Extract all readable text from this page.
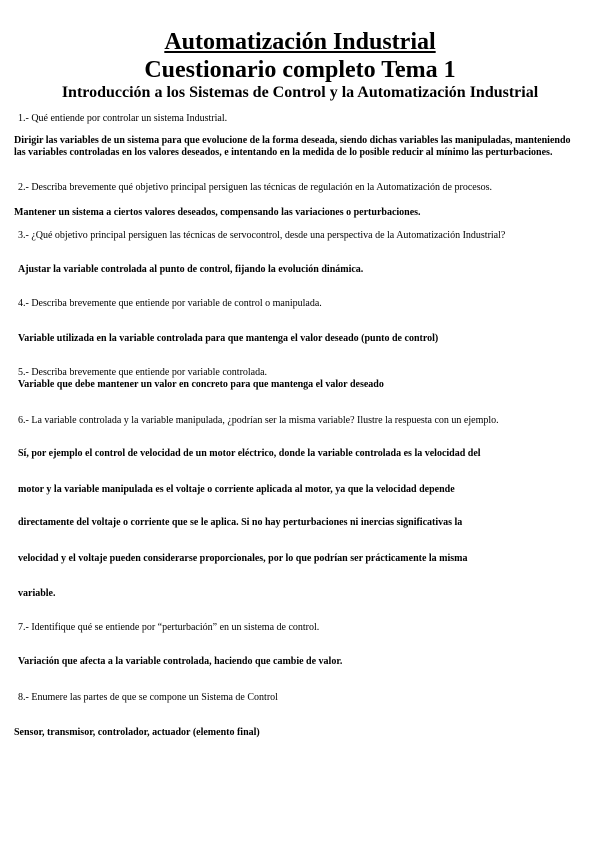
Automatización Industrial
Cuestionario completo Tema 1
Introducción a los Sistemas de Control y la Automatización Industrial
1.- Qué entiende por controlar un sistema Industrial.
Dirigir las variables de un sistema para que evolucione de la forma deseada, siendo dichas variables las manipuladas, manteniendo
las variables controladas en los valores deseados, e intentando en la medida de lo posible reducir al mínimo las perturbaciones.
2.- Describa brevemente qué objetivo principal persiguen las técnicas de regulación en la Automatización de procesos.
Mantener un sistema a ciertos valores deseados, compensando las variaciones o perturbaciones.
3.- ¿Qué objetivo principal persiguen las técnicas de servocontrol, desde una perspectiva de la Automatización Industrial?
Ajustar la variable controlada al punto de control, fijando la evolución dinámica.
4.- Describa brevemente que entiende por variable de control o manipulada.
Variable utilizada en la variable controlada para que mantenga el valor deseado (punto de control)
5.- Describa brevemente que entiende por variable controlada.
Variable que debe mantener un valor en concreto para que mantenga el valor deseado
6.- La variable controlada y la variable manipulada, ¿podrían ser la misma variable? Ilustre la respuesta con un ejemplo.
Sí, por ejemplo el control de velocidad de un motor eléctrico, donde la variable controlada es la velocidad del
motor y la variable manipulada es el voltaje o corriente aplicada al motor, ya que la velocidad depende
directamente del voltaje o corriente que se le aplica. Si no hay perturbaciones ni inercias significativas la
velocidad y el voltaje pueden considerarse proporcionales, por lo que podrían ser prácticamente la misma
variable.
7.- Identifique qué se entiende por “perturbación” en un sistema de control.
Variación que afecta a la variable controlada, haciendo que cambie de valor.
8.- Enumere las partes de que se compone un Sistema de Control
Sensor, transmisor, controlador, actuador (elemento final)
